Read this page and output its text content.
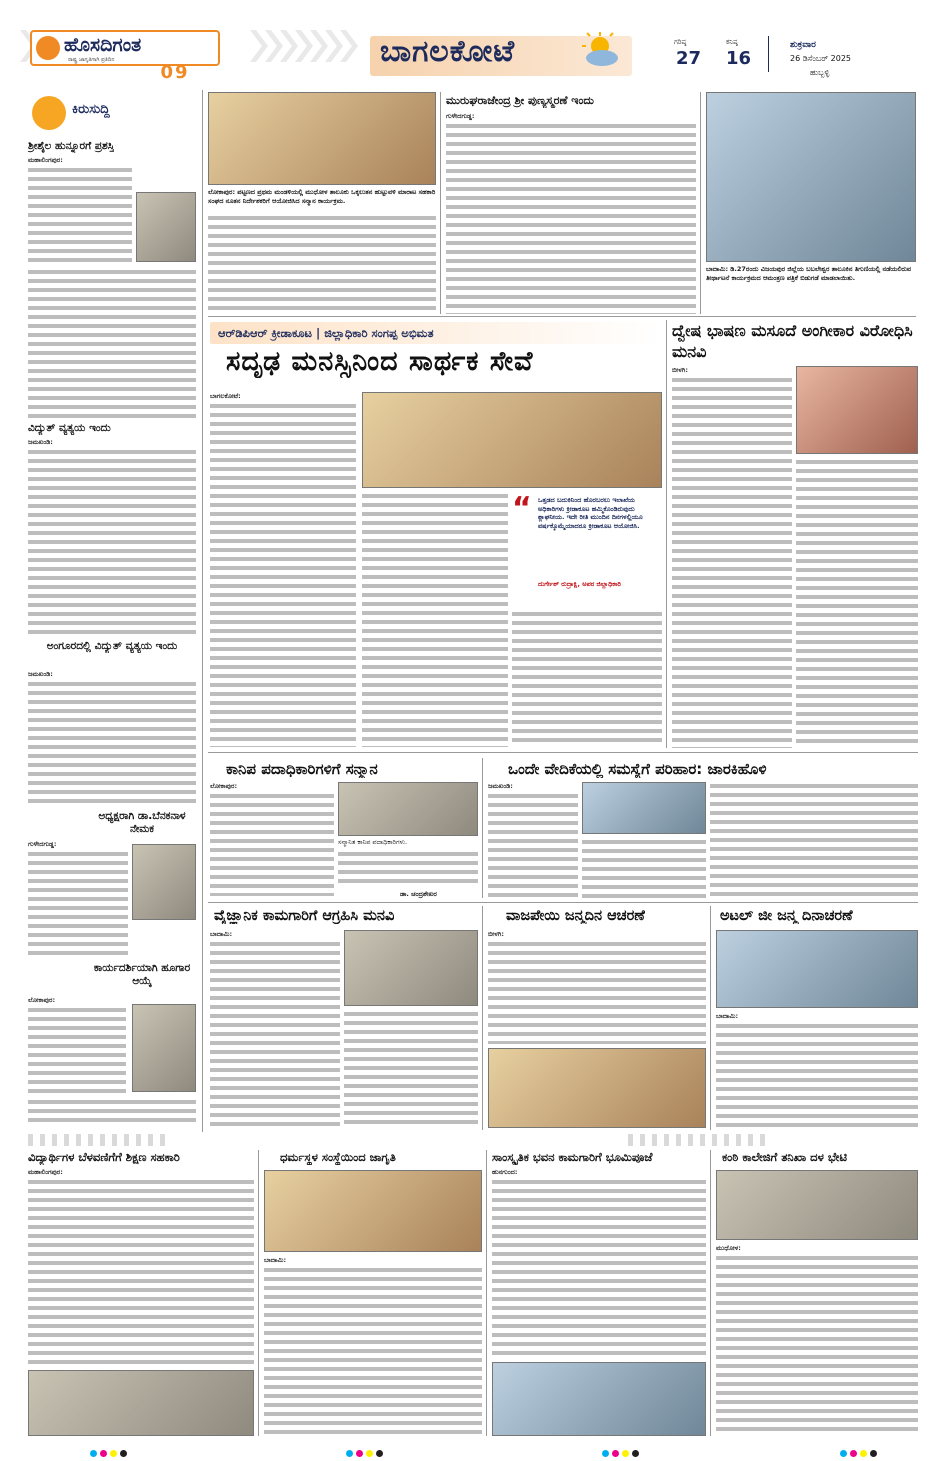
ಹೊಸದಿಗಂತ
ರಾಷ್ಟ್ರ ಜಾಗೃತಿಗಾಗಿ ಪ್ರತಿದಿನ
09
ಬಾಗಲಕೋಟೆ	ಗರಿಷ್ಠ
27
ಕನಿಷ್ಠ
16
ಶುಕ್ರವಾರ
26 ಡಿಸೆಂಬರ್ 2025
ಹುಬ್ಬಳ್ಳಿ
ಕಿರುಸುದ್ದಿ
ಶ್ರೀಶೈಲ ಹುನ್ನೂರಗೆ ಪ್ರಶಸ್ತಿ
ಮಹಾಲಿಂಗಪುರ:
ವಿದ್ಯುತ್ ವ್ಯತ್ಯಯ ಇಂದು
ಜಮಖಂಡಿ:
ಅಂಗೂರದಲ್ಲಿ ವಿದ್ಯುತ್ ವ್ಯತ್ಯಯ ಇಂದು
ಜಮಖಂಡಿ:
ಅಧ್ಯಕ್ಷರಾಗಿ ಡಾ.ಬೆನಕನಾಳ ನೇಮಕ
ಗುಳೇದಗುಡ್ಡ:
ಕಾರ್ಯದರ್ಶಿಯಾಗಿ ಹೂಗಾರ ಆಯ್ಕೆ
ಲೋಕಾಪುರ:
ಲೋಕಾಪುರ: ಪಟ್ಟಣದ ಪ್ರಥಮ ಮಂಡಳಿಯಲ್ಲಿ ಮುಧೋಳ ತಾಲೂಕು ಒಕ್ಕಲುತನ ಹುಟ್ಟುವಳಿ ಮಾರಾಟ ಸಹಕಾರಿ ಸಂಘದ ನೂತನ ನಿರ್ದೇಶಕರಿಗೆ ಆಯೋಜಿಸಿದ ಸನ್ಮಾನ ಕಾರ್ಯಕ್ರಮ.
ಮುರುಘರಾಜೇಂದ್ರ ಶ್ರೀ ಪುಣ್ಯಸ್ಮರಣೆ ಇಂದು
ಗುಳೇದಗುಡ್ಡ:
ಬಾದಾಮಿ: ಡಿ.27ರಂದು ವಿಜಯಪುರ ಜಿಲ್ಲೆಯ ಬಬಲೇಶ್ವರ ತಾಲೂಕಿನ ತಿಗುಣಿಯಲ್ಲಿ ನಡೆಯಲಿರುವ ತೀರ್ಥಾಟನೆ ಕಾರ್ಯಕ್ರಮದ ಆಮಂತ್ರಣ ಪತ್ರಿಕೆ ಬಿಡುಗಡೆ ಮಾಡಲಾಯಿತು.
ಆರ್‌ಡಿಪಿಆರ್ ಕ್ರೀಡಾಕೂಟ | ಜಿಲ್ಲಾಧಿಕಾರಿ ಸಂಗಪ್ಪ ಅಭಿಮತ
ಸದೃಢ ಮನಸ್ಸಿನಿಂದ ಸಾರ್ಥಕ ಸೇವೆ
ಬಾಗಲಕೋಟೆ:
“ ಒತ್ತಡದ ಬದುಕಿನಿಂದ ಹೊರಬರಲು ಇಲಾಖೆಯ ಅಧಿಕಾರಿಗಳು ಕ್ರೀಡಾಕೂಟ ಹಮ್ಮಿಕೊಂಡಿರುವುದು ಶ್ಲಾಘನೀಯ. ಇದೇ ರೀತಿ ಮುಂದಿನ ದಿನಗಳಲ್ಲಿಯೂ ವರ್ಷಕ್ಕೊಮ್ಮೆಯಾದರೂ ಕ್ರೀಡಾಕೂಟ ಆಯೋಜಿಸಿ.
ದುರ್ಗೇಶ್ ರುದ್ರಾಕ್ಷಿ, ಅಪರ ಜಿಲ್ಲಾಧಿಕಾರಿ
ದ್ವೇಷ ಭಾಷಣ ಮಸೂದೆ ಅಂಗೀಕಾರ ವಿರೋಧಿಸಿ ಮನವಿ
ಬೀಳಗಿ:
ಕಾನಿಪ ಪದಾಧಿಕಾರಿಗಳಿಗೆ ಸನ್ಮಾನ
ಲೋಕಾಪುರ:
ಸನ್ಮಾನಿತ ಕಾನಿಪ ಪದಾಧಿಕಾರಿಗಳು.
ಡಾ. ಚಂದ್ರಶೇಖರ
ಒಂದೇ ವೇದಿಕೆಯಲ್ಲಿ ಸಮಸ್ಯೆಗೆ ಪರಿಹಾರ: ಜಾರಕಿಹೊಳಿ
ಜಮಖಂಡಿ:
ವೈಜ್ಞಾನಿಕ ಕಾಮಗಾರಿಗೆ ಆಗ್ರಹಿಸಿ ಮನವಿ
ಬಾದಾಮಿ:
ವಾಜಪೇಯಿ ಜನ್ಮದಿನ ಆಚರಣೆ
ಬೀಳಗಿ:
ಅಟಲ್ ಜೀ ಜನ್ಮ ದಿನಾಚರಣೆ
ಬಾದಾಮಿ:
ವಿದ್ಯಾರ್ಥಿಗಳ ಬೆಳವಣಿಗೆಗೆ ಶಿಕ್ಷಣ ಸಹಕಾರಿ
ಮಹಾಲಿಂಗಪುರ:
ಧರ್ಮಸ್ಥಳ ಸಂಸ್ಥೆಯಿಂದ ಜಾಗೃತಿ
ಬಾದಾಮಿ:
ಸಾಂಸ್ಕೃತಿಕ ಭವನ ಕಾಮಗಾರಿಗೆ ಭೂಮಿಪೂಜೆ
ಹುನಗುಂದ:
ಕಂಠಿ ಕಾಲೇಜಿಗೆ ತನಿಖಾ ದಳ ಭೇಟಿ
ಮುಧೋಳ:
